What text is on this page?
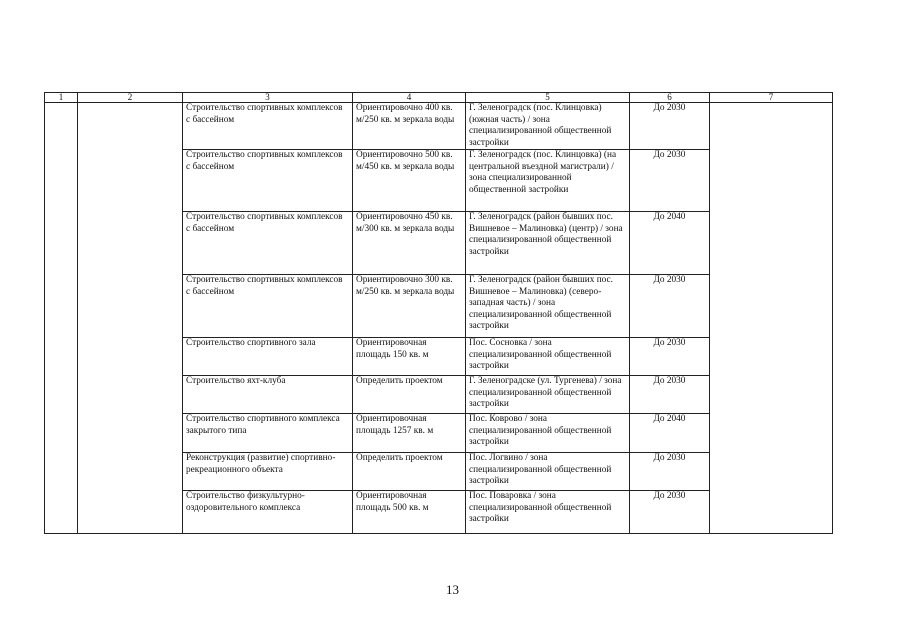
1	2	3	4	5	6	7
		Строительство спортивных комплексов с бассейном	Ориентировочно 400 кв. м/250 кв. м зеркала воды	Г. Зеленоградск (пос. Клинцовка) (южная часть) / зона специализированной общественной застройки	До 2030	
		Строительство спортивных комплексов с бассейном	Ориентировочно 500 кв. м/450 кв. м зеркала воды	Г. Зеленоградск (пос. Клинцовка) (на центральной въездной магистрали) / зона специализированной общественной застройки	До 2030	
		Строительство спортивных комплексов с бассейном	Ориентировочно 450 кв. м/300 кв. м зеркала воды	Г. Зеленоградск (район бывших пос. Вишневое – Малиновка) (центр) / зона специализированной общественной застройки	До 2040	
		Строительство спортивных комплексов с бассейном	Ориентировочно 300 кв. м/250 кв. м зеркала воды	Г. Зеленоградск (район бывших пос. Вишневое – Малиновка) (северо-западная часть) / зона специализированной общественной застройки	До 2030	
		Строительство спортивного зала	Ориентировочная площадь 150 кв. м	Пос. Сосновка / зона специализированной общественной застройки	До 2030	
		Строительство яхт-клуба	Определить проектом	Г. Зеленоградске (ул. Тургенева) / зона специализированной общественной застройки	До 2030	
		Строительство спортивного комплекса закрытого типа	Ориентировочная площадь 1257 кв. м	Пос. Коврово / зона специализированной общественной застройки	До 2040	
		Реконструкция (развитие) спортивно-рекреационного объекта	Определить проектом	Пос. Логвино / зона специализированной общественной застройки	До 2030	
		Строительство физкультурно-оздоровительного комплекса	Ориентировочная площадь 500 кв. м	Пос. Поваровка / зона специализированной общественной застройки	До 2030	
13
